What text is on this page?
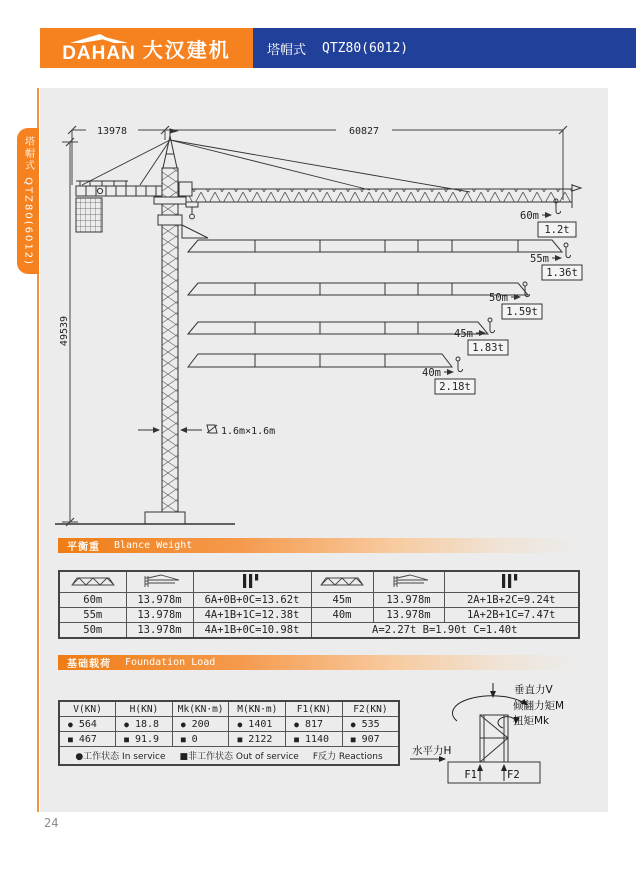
DAHAN 大汉建机	塔帽式 QTZ80(6012)
塔帽式 QTZ80(6012)
13978	60827
49539
1.6m×1.6m
60m
1.2t
55m
1.36t
50m
1.59t
45m
1.83t
40m
2.18t
平衡重 Blance Weight

60m	13.978m	6A+0B+0C=13.62t	45m	13.978m	2A+1B+2C=9.24t
55m	13.978m	4A+1B+1C=12.38t	40m	13.978m	1A+2B+1C=7.47t
50m	13.978m	4A+1B+0C=10.98t	A=2.27t B=1.90t C=1.40t		
基础载荷 Foundation Load
V(KN)	H(KN)	Mk(KN·m)	M(KN·m)	F1(KN)	F2(KN)

● 564	● 18.8	● 200	● 1401	● 817	● 535

■ 467	■ 91.9	■ 0	■ 2122	■ 1140	■ 907

●工作状态 In service ■非工作状态 Out of service F反力 Reactions					
垂直力V
倾翻力矩M
扭矩Mk
水平力H
F1	F2
24
